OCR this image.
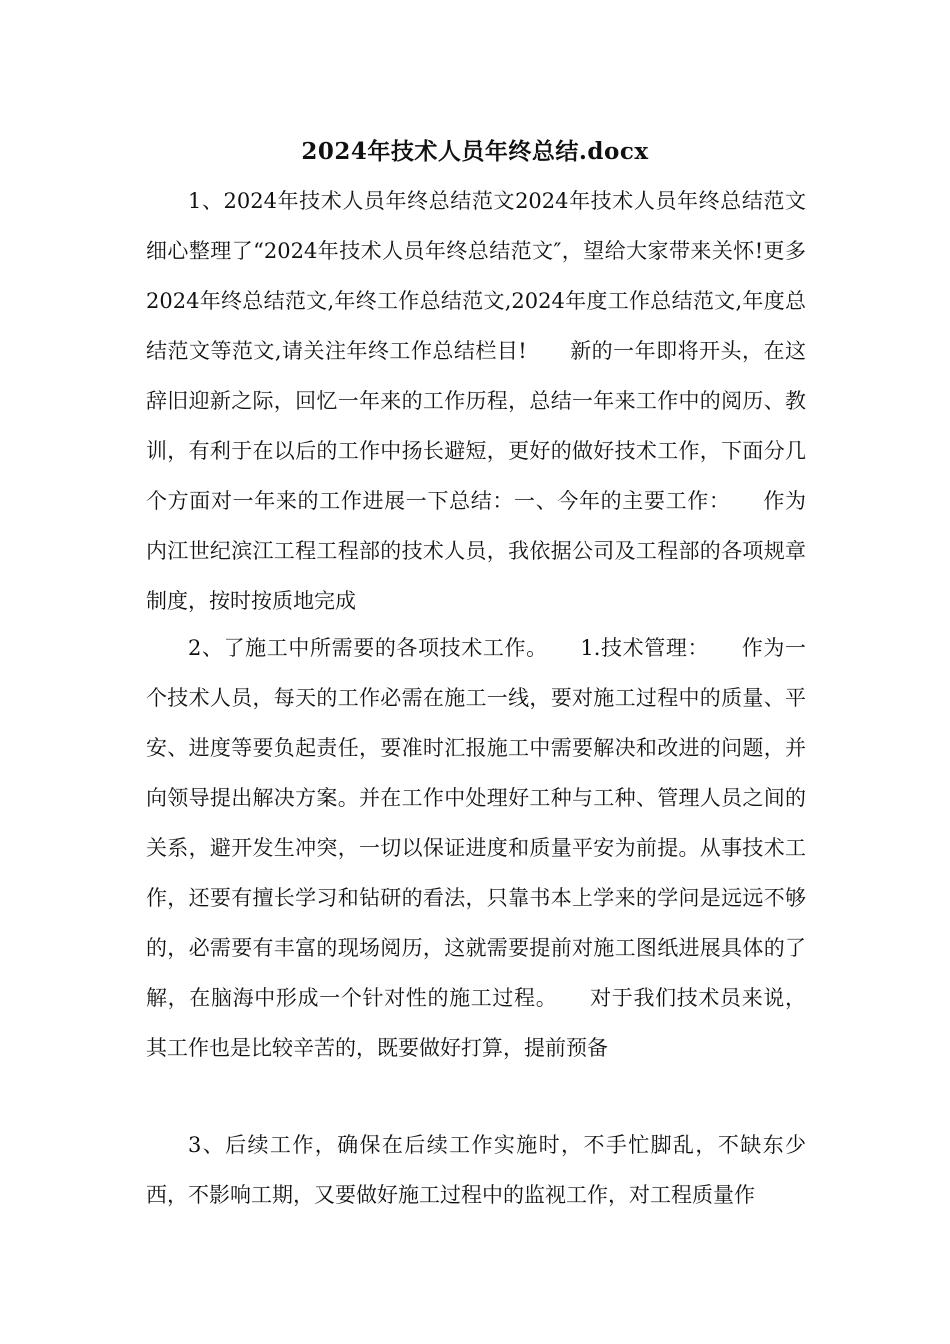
2024年技术人员年终总结.docx

1、2024年技术人员年终总结范文2024年技术人员年终总结范文细心整理了“2024年技术人员年终总结范文″，望给大家带来关怀!更多2024年终总结范文,年终工作总结范文,2024年度工作总结范文,年度总结范文等范文,请关注年终工作总结栏目!　　新的一年即将开头，在这辞旧迎新之际，回忆一年来的工作历程，总结一年来工作中的阅历、教训，有利于在以后的工作中扬长避短，更好的做好技术工作，下面分几个方面对一年来的工作进展一下总结：一、今年的主要工作：　　作为内江世纪滨江工程工程部的技术人员，我依据公司及工程部的各项规章制度，按时按质地完成

2、了施工中所需要的各项技术工作。　　1.技术管理：　　作为一个技术人员，每天的工作必需在施工一线，要对施工过程中的质量、平安、进度等要负起责任，要准时汇报施工中需要解决和改进的问题，并向领导提出解决方案。并在工作中处理好工种与工种、管理人员之间的关系，避开发生冲突，一切以保证进度和质量平安为前提。从事技术工作，还要有擅长学习和钻研的看法，只靠书本上学来的学问是远远不够的，必需要有丰富的现场阅历，这就需要提前对施工图纸进展具体的了解，在脑海中形成一个针对性的施工过程。　　对于我们技术员来说，其工作也是比较辛苦的，既要做好打算，提前预备

3、后续工作，确保在后续工作实施时，不手忙脚乱，不缺东少西，不影响工期，又要做好施工过程中的监视工作，对工程质量作
